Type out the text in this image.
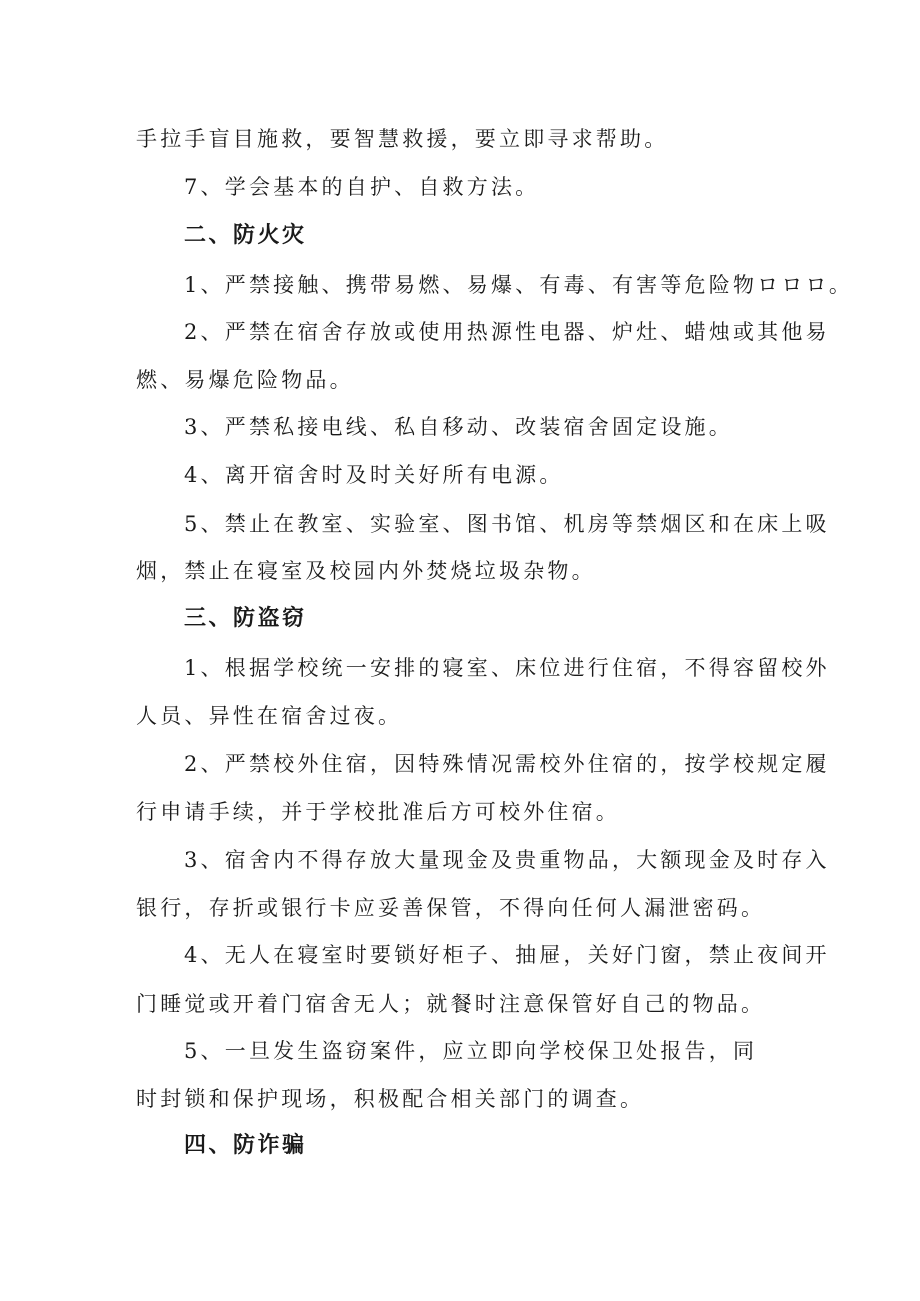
手拉手盲目施救，要智慧救援，要立即寻求帮助。
7、学会基本的自护、自救方法。
二、防火灾
1、严禁接触、携带易燃、易爆、有毒、有害等危险物ロロロ。
2、严禁在宿舍存放或使用热源性电器、炉灶、蜡烛或其他易
燃、易爆危险物品。
3、严禁私接电线、私自移动、改装宿舍固定设施。
4、离开宿舍时及时关好所有电源。
5、禁止在教室、实验室、图书馆、机房等禁烟区和在床上吸
烟，禁止在寝室及校园内外焚烧垃圾杂物。
三、防盗窃
1、根据学校统一安排的寝室、床位进行住宿，不得容留校外
人员、异性在宿舍过夜。
2、严禁校外住宿，因特殊情况需校外住宿的，按学校规定履
行申请手续，并于学校批准后方可校外住宿。
3、宿舍内不得存放大量现金及贵重物品，大额现金及时存入
银行，存折或银行卡应妥善保管，不得向任何人漏泄密码。
4、无人在寝室时要锁好柜子、抽屉，关好门窗，禁止夜间开
门睡觉或开着门宿舍无人；就餐时注意保管好自己的物品。
5、一旦发生盗窃案件，应立即向学校保卫处报告，同
时封锁和保护现场，积极配合相关部门的调查。
四、防诈骗
